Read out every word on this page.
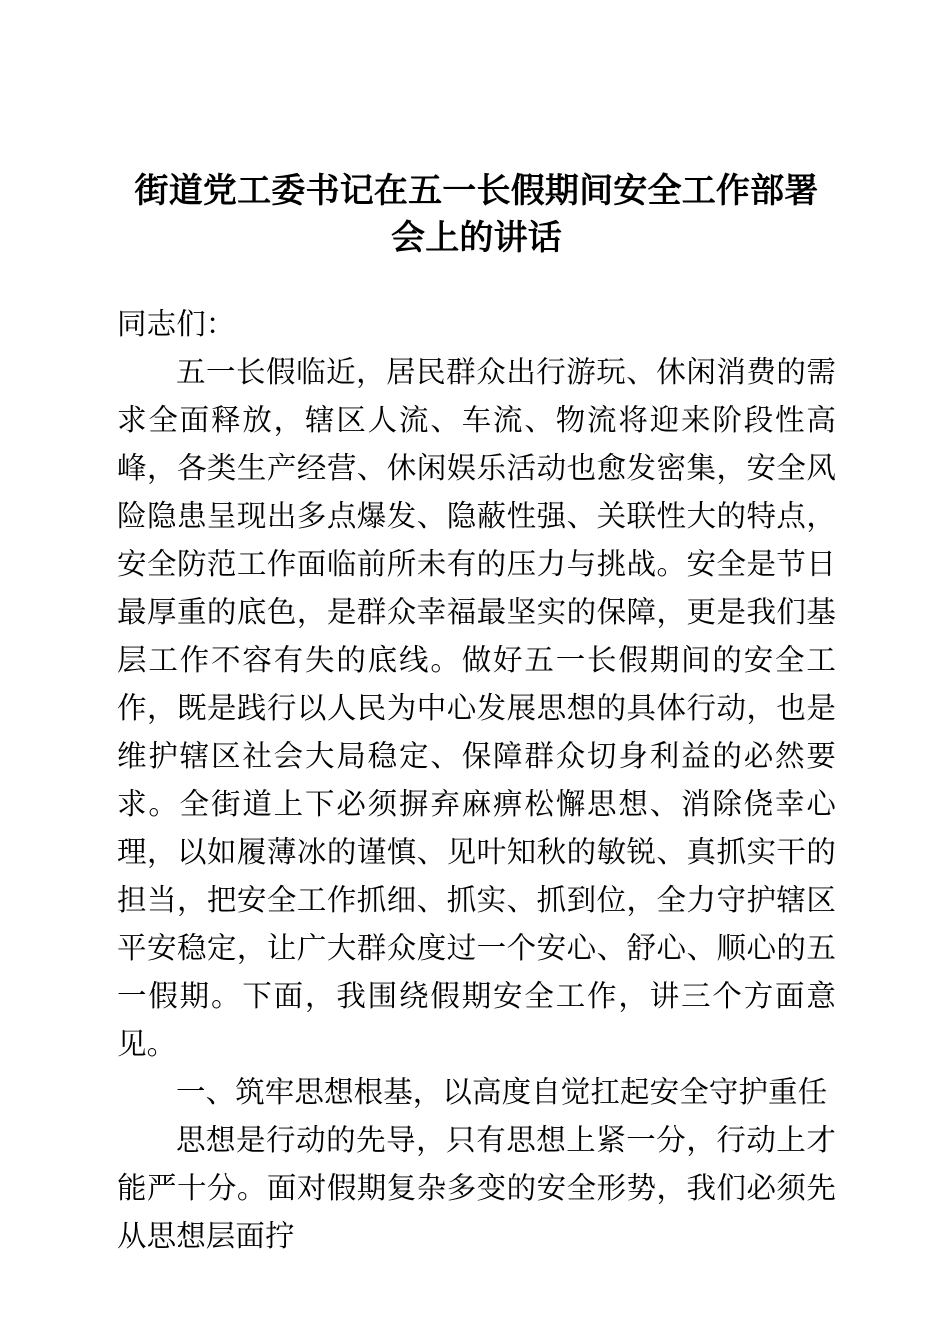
街道党工委书记在五一长假期间安全工作部署会上的讲话
同志们：

五一长假临近，居民群众出行游玩、休闲消费的需求全面释放，辖区人流、车流、物流将迎来阶段性高峰，各类生产经营、休闲娱乐活动也愈发密集，安全风险隐患呈现出多点爆发、隐蔽性强、关联性大的特点，安全防范工作面临前所未有的压力与挑战。安全是节日最厚重的底色，是群众幸福最坚实的保障，更是我们基层工作不容有失的底线。做好五一长假期间的安全工作，既是践行以人民为中心发展思想的具体行动，也是维护辖区社会大局稳定、保障群众切身利益的必然要求。全街道上下必须摒弃麻痹松懈思想、消除侥幸心理，以如履薄冰的谨慎、见叶知秋的敏锐、真抓实干的担当，把安全工作抓细、抓实、抓到位，全力守护辖区平安稳定，让广大群众度过一个安心、舒心、顺心的五一假期。下面，我围绕假期安全工作，讲三个方面意见。

一、筑牢思想根基，以高度自觉扛起安全守护重任

思想是行动的先导，只有思想上紧一分，行动上才能严十分。面对假期复杂多变的安全形势，我们必须先从思想层面拧
